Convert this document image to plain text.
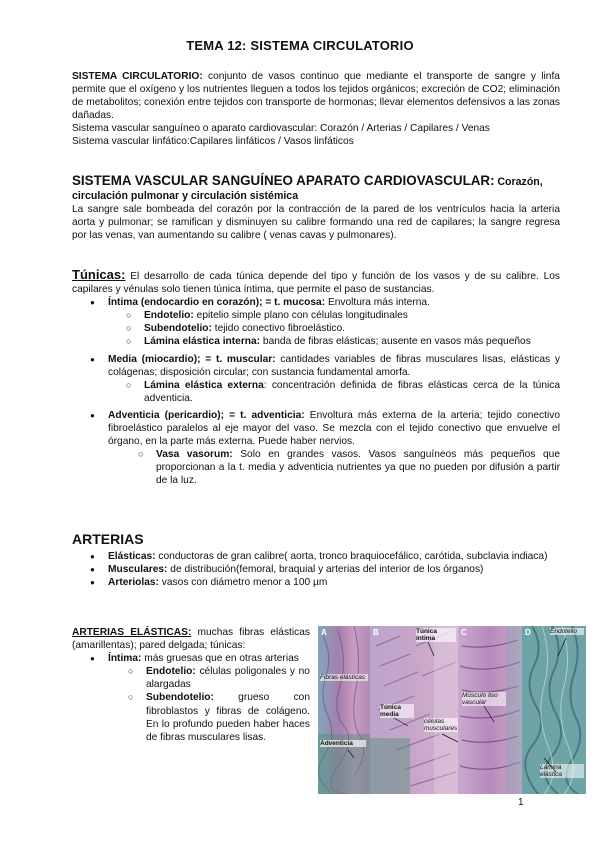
TEMA 12: SISTEMA CIRCULATORIO
SISTEMA CIRCULATORIO: conjunto de vasos continuo que mediante el transporte de sangre y linfa permite que el oxígeno y los nutrientes lleguen a todos los tejidos orgánicos; excreción de CO2; eliminación de metabolitos; conexión entre tejidos con transporte de hormonas; llevar elementos defensivos a las zonas dañadas.
Sistema vascular sanguíneo o aparato cardiovascular: Corazón / Arterias / Capilares / Venas
Sistema vascular linfático:Capilares linfáticos / Vasos linfáticos
SISTEMA VASCULAR SANGUÍNEO APARATO CARDIOVASCULAR: Corazón,
circulación pulmonar y circulación sistémica
La sangre sale bombeada del corazón por la contracción de la pared de los ventrículos hacia la arteria aorta y pulmonar; se ramifican y disminuyen su calibre formando una red de capilares; la sangre regresa por las venas, van aumentando su calibre ( venas cavas y pulmonares).
Túnicas: El desarrollo de cada túnica depende del tipo y función de los vasos y de su calibre. Los capilares y vénulas solo tienen túnica íntima, que permite el paso de sustancias.
● Íntima (endocardio en corazón); = t. mucosa: Envoltura más interna.
○ Endotelio: epitelio simple plano con células longitudinales
○ Subendotelio: tejido conectivo fibroelástico.
○ Lámina elástica interna: banda de fibras elásticas; ausente en vasos más pequeños
● Media (miocardio); = t. muscular: cantidades variables de fibras musculares lisas, elásticas y colágenas; disposición circular; con sustancia fundamental amorfa.
○ Lámina elástica externa: concentración definida de fibras elásticas cerca de la túnica adventicia.
● Adventicia (pericardio); = t. adventicia: Envoltura más externa de la arteria; tejido conectivo fibroelástico paralelos al eje mayor del vaso. Se mezcla con el tejido conectivo que envuelve el órgano, en la parte más externa. Puede haber nervios.
○ Vasa vasorum: Solo en grandes vasos. Vasos sanguíneos más pequeños que proporcionan a la t. media y adventicia nutrientes ya que no pueden por difusión a partir de la luz.
ARTERIAS
● Elásticas: conductoras de gran calibre( aorta, tronco braquiocefálico, carótida, subclavia indiaca)
● Musculares: de distribución(femoral, braquial y arterias del interior de los órganos)
● Arteriolas: vasos con diámetro menor a 100 µm
ARTERIAS ELÁSTICAS: muchas fibras elásticas (amarillentas); pared delgada; túnicas:
● Íntima: más gruesas que en otras arterias
○ Endotelio: células poligonales y no alargadas
○ Subendotelio: grueso con fibroblastos y fibras de colágeno. En lo profundo pueden haber haces de fibras musculares lisas.
A	B	C	D
Fibras elásticas
Túnica íntima
Túnica media
Adventicia
células musculares
Músculo liso vascular
Endotelio
Lámina elástica
1
